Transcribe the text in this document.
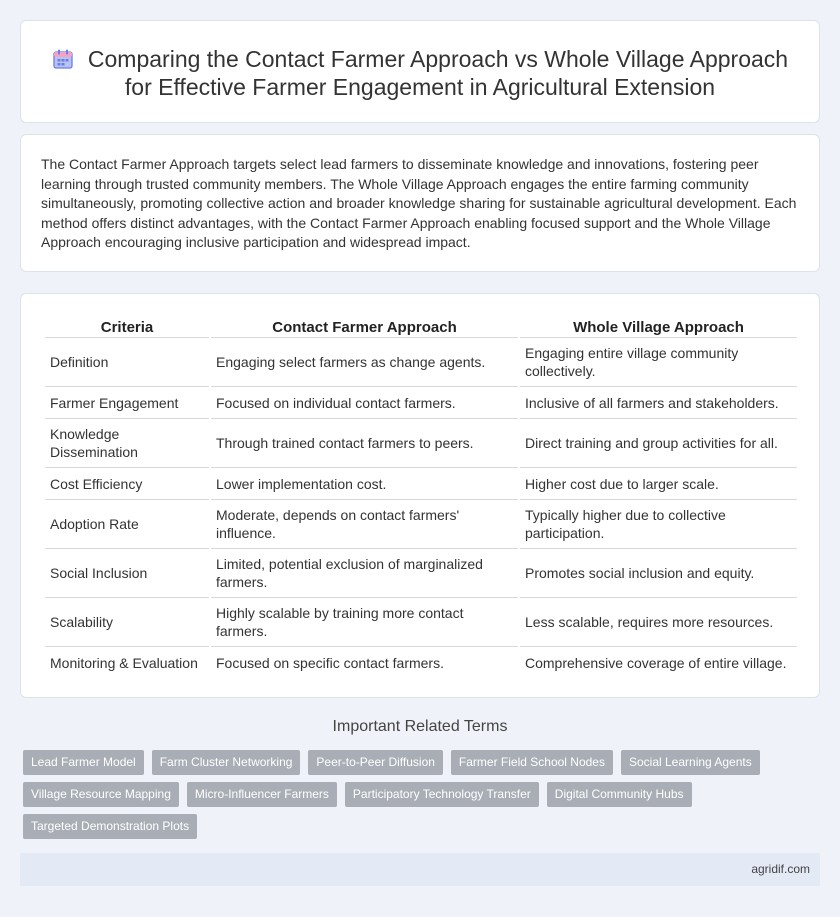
Comparing the Contact Farmer Approach vs Whole Village Approach for Effective Farmer Engagement in Agricultural Extension

The Contact Farmer Approach targets select lead farmers to disseminate knowledge and innovations, fostering peer learning through trusted community members. The Whole Village Approach engages the entire farming community simultaneously, promoting collective action and broader knowledge sharing for sustainable agricultural development. Each method offers distinct advantages, with the Contact Farmer Approach enabling focused support and the Whole Village Approach encouraging inclusive participation and widespread impact.

Criteria	Contact Farmer Approach	Whole Village Approach
Definition	Engaging select farmers as change agents.	Engaging entire village community collectively.
Farmer Engagement	Focused on individual contact farmers.	Inclusive of all farmers and stakeholders.
Knowledge Dissemination	Through trained contact farmers to peers.	Direct training and group activities for all.
Cost Efficiency	Lower implementation cost.	Higher cost due to larger scale.
Adoption Rate	Moderate, depends on contact farmers' influence.	Typically higher due to collective participation.
Social Inclusion	Limited, potential exclusion of marginalized farmers.	Promotes social inclusion and equity.
Scalability	Highly scalable by training more contact farmers.	Less scalable, requires more resources.
Monitoring & Evaluation	Focused on specific contact farmers.	Comprehensive coverage of entire village.
Important Related Terms
Lead Farmer Model	Farm Cluster Networking	Peer-to-Peer Diffusion	Farmer Field School Nodes	Social Learning Agents
Village Resource Mapping	Micro-Influencer Farmers	Participatory Technology Transfer	Digital Community Hubs
Targeted Demonstration Plots
agridif.com
